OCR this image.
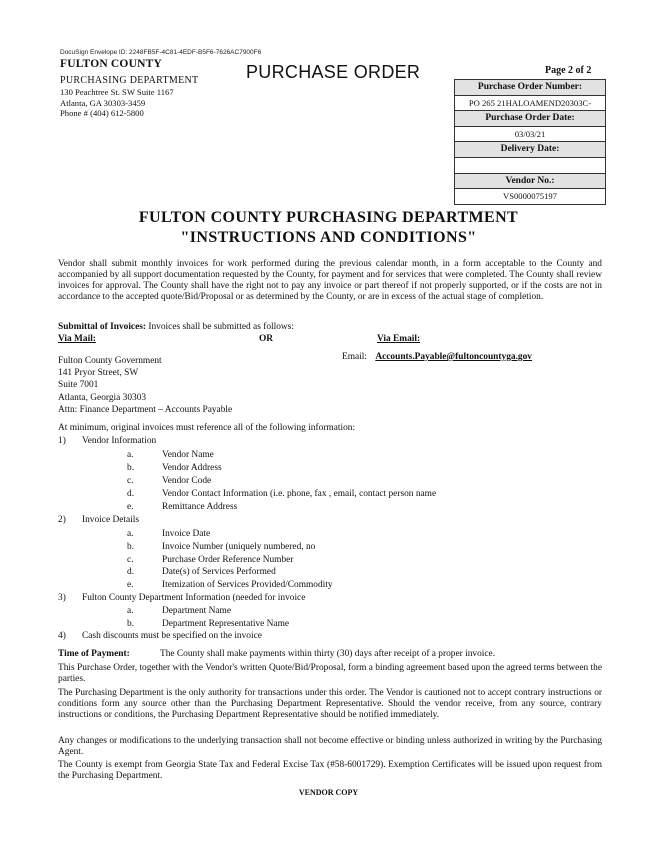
DocuSign Envelope ID: 2248FB5F-4C81-4EDF-B5F6-7626AC7900F6
FULTON COUNTY
PURCHASING DEPARTMENT
130 Peachtree St. SW Suite 1167
Atlanta, GA 30303-3459
Phone # (404) 612-5800
PURCHASE ORDER	Page 2 of 2
Purchase Order Number:
PO 265 21HALOAMEND20303C-
Purchase Order Date:
03/03/21
Delivery Date:
Vendor No.:
VS0000075197
FULTON COUNTY PURCHASING DEPARTMENT
"INSTRUCTIONS AND CONDITIONS"
Vendor shall submit monthly invoices for work performed during the previous calendar month, in a form acceptable to the County and accompanied by all support documentation requested by the County, for payment and for services that were completed. The County shall review invoices for approval. The County shall have the right not to pay any invoice or part thereof if not properly supported, or if the costs are not in accordance to the accepted quote/Bid/Proposal or as determined by the County, or are in excess of the actual stage of completion.
Submittal of Invoices: Invoices shall be submitted as follows:
Via Mail:	OR	Via Email:
Email: Accounts.Payable@fultoncountyga.gov
Fulton County Government
141 Pryor Street, SW
Suite 7001
Atlanta, Georgia 30303
Attn: Finance Department – Accounts Payable
At minimum, original invoices must reference all of the following information:
1) Vendor Information
a.	Vendor Name
b.	Vendor Address
c.	Vendor Code
d.	Vendor Contact Information (i.e. phone, fax , email, contact person name
e.	Remittance Address
2) Invoice Details
a.	Invoice Date
b.	Invoice Number (uniquely numbered, no
c.	Purchase Order Reference Number
d.	Date(s) of Services Performed
e.	Itemization of Services Provided/Commodity
3) Fulton County Department Information (needed for invoice
a.	Department Name
b.	Department Representative Name
4) Cash discounts must be specified on the invoice
Time of Payment:	The County shall make payments within thirty (30) days after receipt of a proper invoice.
This Purchase Order, together with the Vendor's written Quote/Bid/Proposal, form a binding agreement based upon the agreed terms between the parties.
The Purchasing Department is the only authority for transactions under this order. The Vendor is cautioned not to accept contrary instructions or conditions form any source other than the Purchasing Department Representative. Should the vendor receive, from any source, contrary instructions or conditions, the Purchasing Department Representative should be notified immediately.
Any changes or modifications to the underlying transaction shall not become effective or binding unless authorized in writing by the Purchasing Agent.
The County is exempt from Georgia State Tax and Federal Excise Tax (#58-6001729). Exemption Certificates will be issued upon request from the Purchasing Department.
VENDOR COPY
